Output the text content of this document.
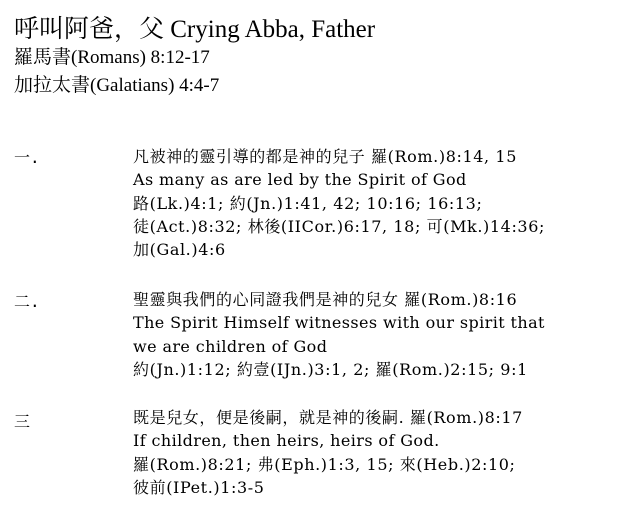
呼叫阿爸，父 Crying Abba, Father
羅馬書(Romans) 8:12-17
加拉太書(Galatians) 4:4-7
一.	凡被神的靈引導的都是神的兒子 羅(Rom.)8:14, 15
As many as are led by the Spirit of God
路(Lk.)4:1; 約(Jn.)1:41, 42; 10:16; 16:13;
徒(Act.)8:32; 林後(IICor.)6:17, 18; 可(Mk.)14:36;
加(Gal.)4:6
二.	聖靈與我們的心同證我們是神的兒女 羅(Rom.)8:16
The Spirit Himself witnesses with our spirit that
we are children of God
約(Jn.)1:12; 約壹(IJn.)3:1, 2; 羅(Rom.)2:15; 9:1
三	既是兒女，便是後嗣，就是神的後嗣. 羅(Rom.)8:17
If children, then heirs, heirs of God.
羅(Rom.)8:21; 弗(Eph.)1:3, 15; 來(Heb.)2:10;
彼前(IPet.)1:3-5
